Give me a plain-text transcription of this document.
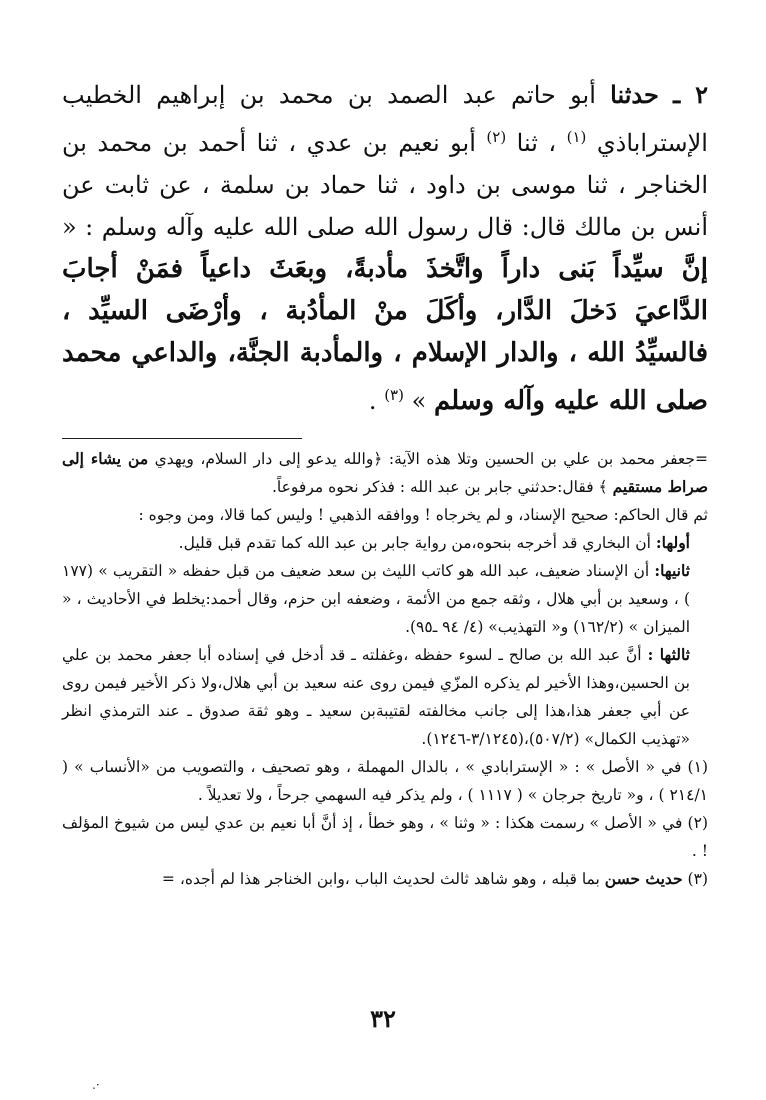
٢ ـ حدثنا أبو حاتم عبد الصمد بن محمد بن إبراهيم الخطيب الإستراباذي $^{(١)}$ ، ثنا $^{(٢)}$ أبو نعيم بن عدي ، ثنا أحمد بن محمد بن الخناجر ، ثنا موسى بن داود ، ثنا حماد بن سلمة ، عن ثابت عن أنس بن مالك قال: قال رسول الله صلى الله عليه وآله وسلم : « إنَّ سيِّداً بَنى داراً واتَّخذَ مأدبةً، وبعَثَ داعياً فمَنْ أجابَ الدَّاعيَ دَخلَ الدَّار، وأكَلَ منْ المأدُبة ، وأرْضَى السيِّد ، فالسيِّدُ الله ، والدار الإسلام ، والمأدبة الجنَّة، والداعي محمد صلى الله عليه وآله وسلم » $^{(٣)}$ .

=جعفر محمد بن علي بن الحسين وتلا هذه الآية: ﴿والله يدعو إلى دار السلام، ويهدي من يشاء إلى صراط مستقيم ﴾ فقال:حدثني جابر بن عبد الله : فذكر نحوه مرفوعاً.

ثم قال الحاكم: صحيح الإسناد، و لم يخرجاه ! ووافقه الذهبي ! وليس كما قالا، ومن وجوه :

أولها: أن البخاري قد أخرجه بنحوه،من رواية جابر بن عبد الله كما تقدم قبل قليل.

ثانيها: أن الإسناد ضعيف، عبد الله هو كاتب الليث بن سعد ضعيف من قبل حفظه « التقريب » (١٧٧ ) ، وسعيد بن أبي هلال ، وثقه جمع من الأئمة ، وضعفه ابن حزم، وقال أحمد:يخلط في الأحاديث ، « الميزان » (١٦٢/٢) و« التهذيب» (٤/ ٩٤ ـ٩٥).

ثالثها : أنَّ عبد الله بن صالح ـ لسوء حفظه ،وغفلته ـ قد أدخل في إسناده أبا جعفر محمد بن علي بن الحسين،وهذا الأخير لم يذكره المزّي فيمن روى عنه سعيد بن أبي هلال،ولا ذكر الأخير فيمن روى عن أبي جعفر هذا،هذا إلى جانب مخالفته لقتيبةبن سعيد ـ وهو ثقة صدوق ـ عند الترمذي انظر «تهذيب الكمال» (٥٠٧/٢)،(٣/١٢٤٥-١٢٤٦).

(١) في « الأصل » : « الإسترابادي » ، بالدال المهملة ، وهو تصحيف ، والتصويب من «الأنساب » ( ٢١٤/١ ) ، و« تاريخ جرجان » ( ١١١٧ ) ، ولم يذكر فيه السهمي جرحاً ، ولا تعديلاً .

(٢) في « الأصل » رسمت هكذا : « وثنا » ، وهو خطأ ، إذ أنَّ أبا نعيم بن عدي ليس من شيوخ المؤلف ! .

(٣) حديث حسن بما قبله ، وهو شاهد ثالث لحديث الباب ،وابن الخناجر هذا لم أجده، =

٣٢
·.
